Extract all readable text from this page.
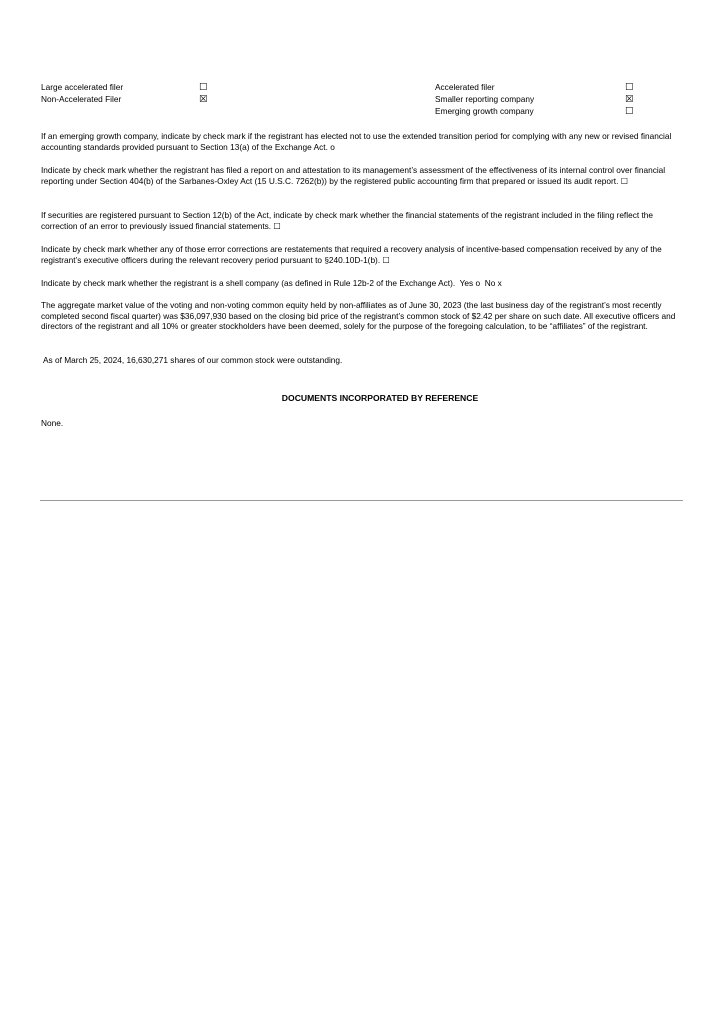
Large accelerated filer	☐
Non-Accelerated Filer	☒
Accelerated filer	☐
Smaller reporting company	☒
Emerging growth company	☐

If an emerging growth company, indicate by check mark if the registrant has elected not to use the extended transition period for complying with any new or revised financial accounting standards provided pursuant to Section 13(a) of the Exchange Act. o

Indicate by check mark whether the registrant has filed a report on and attestation to its management’s assessment of the effectiveness of its internal control over financial reporting under Section 404(b) of the Sarbanes-Oxley Act (15 U.S.C. 7262(b)) by the registered public accounting firm that prepared or issued its audit report. ☐

If securities are registered pursuant to Section 12(b) of the Act, indicate by check mark whether the financial statements of the registrant included in the filing reflect the correction of an error to previously issued financial statements. ☐

Indicate by check mark whether any of those error corrections are restatements that required a recovery analysis of incentive-based compensation received by any of the registrant’s executive officers during the relevant recovery period pursuant to §240.10D-1(b). ☐

Indicate by check mark whether the registrant is a shell company (as defined in Rule 12b-2 of the Exchange Act). Yes o No x

The aggregate market value of the voting and non-voting common equity held by non-affiliates as of June 30, 2023 (the last business day of the registrant’s most recently completed second fiscal quarter) was $36,097,930 based on the closing bid price of the registrant’s common stock of $2.42 per share on such date. All executive officers and directors of the registrant and all 10% or greater stockholders have been deemed, solely for the purpose of the foregoing calculation, to be “affiliates” of the registrant.

As of March 25, 2024, 16,630,271 shares of our common stock were outstanding.

DOCUMENTS INCORPORATED BY REFERENCE

None.
